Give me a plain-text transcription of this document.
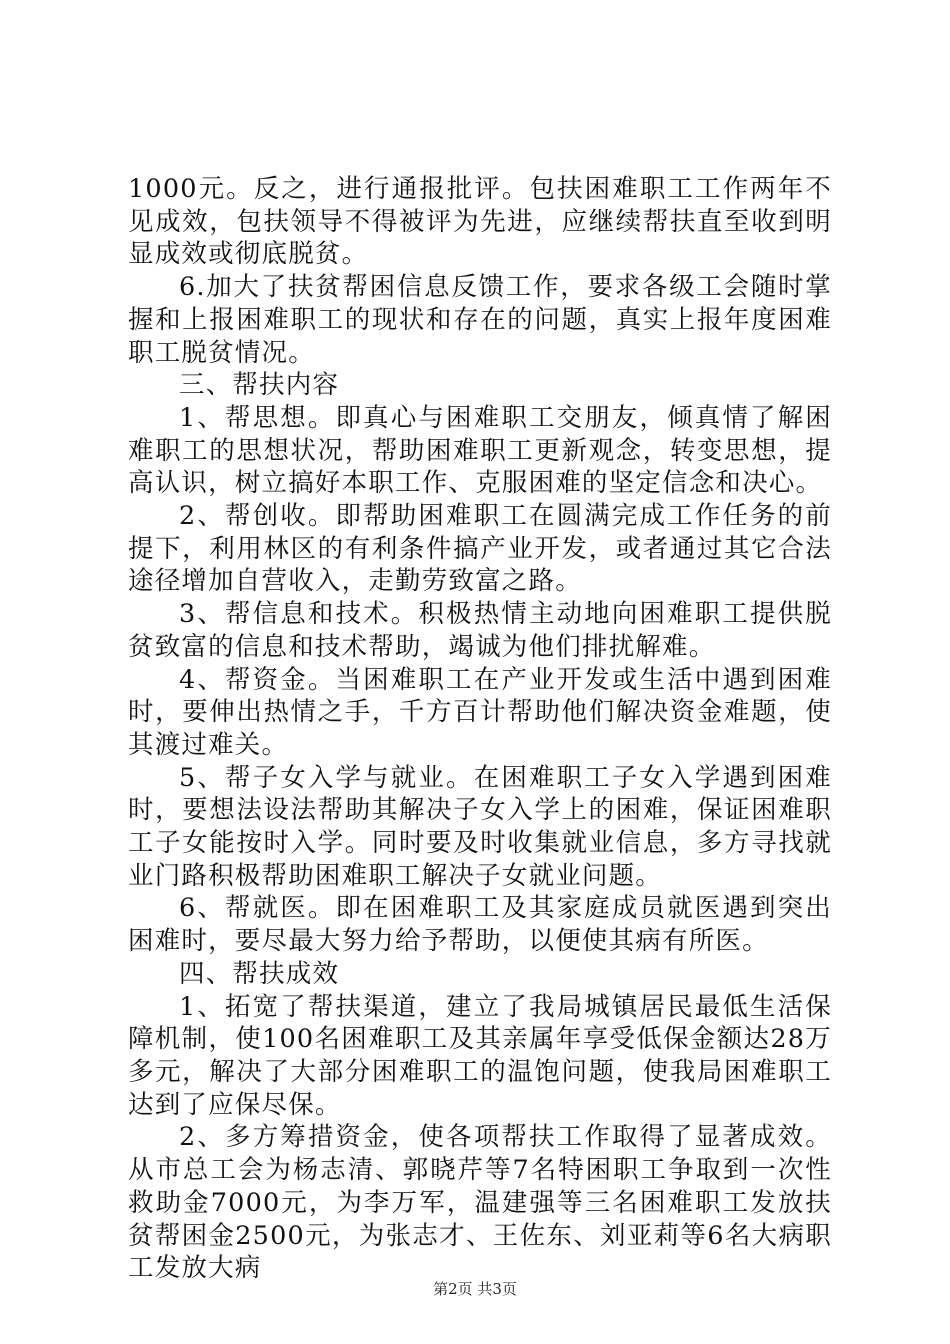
1000元。反之，进行通报批评。包扶困难职工工作两年不见成效，包扶领导不得被评为先进，应继续帮扶直至收到明显成效或彻底脱贫。

6.加大了扶贫帮困信息反馈工作，要求各级工会随时掌握和上报困难职工的现状和存在的问题，真实上报年度困难职工脱贫情况。

三、帮扶内容

1、帮思想。即真心与困难职工交朋友，倾真情了解困难职工的思想状况，帮助困难职工更新观念，转变思想，提高认识，树立搞好本职工作、克服困难的坚定信念和决心。

2、帮创收。即帮助困难职工在圆满完成工作任务的前提下，利用林区的有利条件搞产业开发，或者通过其它合法途径增加自营收入，走勤劳致富之路。

3、帮信息和技术。积极热情主动地向困难职工提供脱贫致富的信息和技术帮助，竭诚为他们排扰解难。

4、帮资金。当困难职工在产业开发或生活中遇到困难时，要伸出热情之手，千方百计帮助他们解决资金难题，使其渡过难关。

5、帮子女入学与就业。在困难职工子女入学遇到困难时，要想法设法帮助其解决子女入学上的困难，保证困难职工子女能按时入学。同时要及时收集就业信息，多方寻找就业门路积极帮助困难职工解决子女就业问题。

6、帮就医。即在困难职工及其家庭成员就医遇到突出困难时，要尽最大努力给予帮助，以便使其病有所医。

四、帮扶成效

1、拓宽了帮扶渠道，建立了我局城镇居民最低生活保障机制，使100名困难职工及其亲属年享受低保金额达28万多元，解决了大部分困难职工的温饱问题，使我局困难职工达到了应保尽保。

2、多方筹措资金，使各项帮扶工作取得了显著成效。从市总工会为杨志清、郭晓芹等7名特困职工争取到一次性救助金7000元，为李万军，温建强等三名困难职工发放扶贫帮困金2500元，为张志才、王佐东、刘亚莉等6名大病职工发放大病

第2页 共3页
